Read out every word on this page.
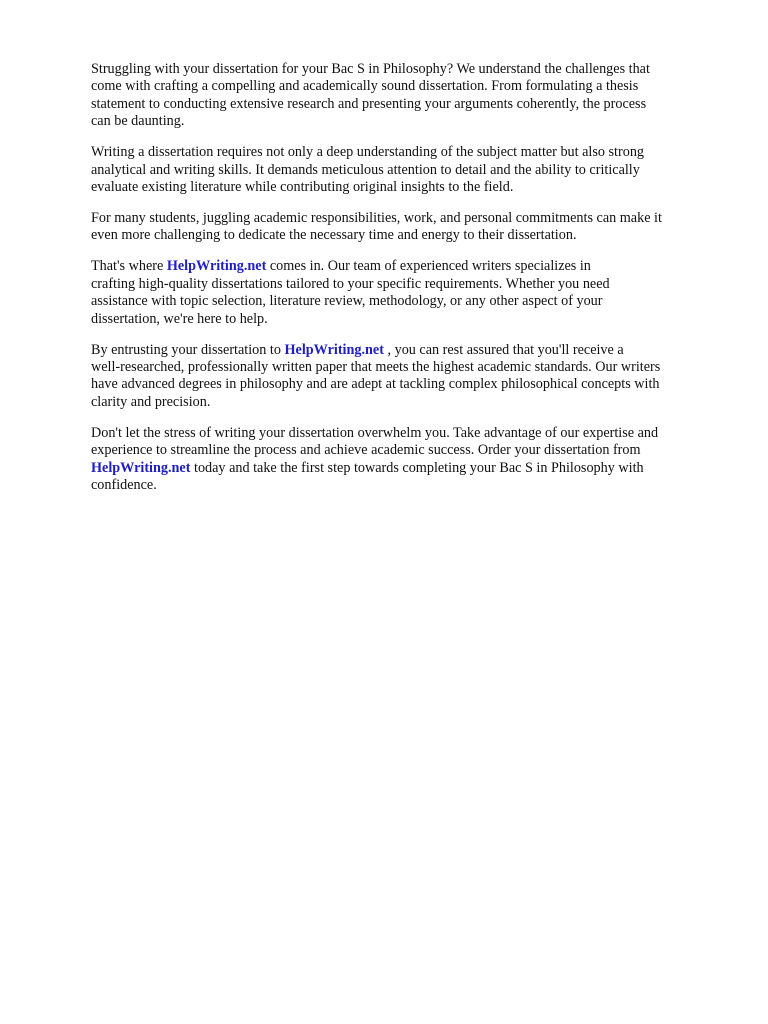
Struggling with your dissertation for your Bac S in Philosophy? We understand the challenges that
come with crafting a compelling and academically sound dissertation. From formulating a thesis
statement to conducting extensive research and presenting your arguments coherently, the process
can be daunting.

Writing a dissertation requires not only a deep understanding of the subject matter but also strong
analytical and writing skills. It demands meticulous attention to detail and the ability to critically
evaluate existing literature while contributing original insights to the field.

For many students, juggling academic responsibilities, work, and personal commitments can make it
even more challenging to dedicate the necessary time and energy to their dissertation.

That's where HelpWriting.net comes in. Our team of experienced writers specializes in
crafting high-quality dissertations tailored to your specific requirements. Whether you need
assistance with topic selection, literature review, methodology, or any other aspect of your
dissertation, we're here to help.

By entrusting your dissertation to HelpWriting.net , you can rest assured that you'll receive a
well-researched, professionally written paper that meets the highest academic standards. Our writers
have advanced degrees in philosophy and are adept at tackling complex philosophical concepts with
clarity and precision.

Don't let the stress of writing your dissertation overwhelm you. Take advantage of our expertise and
experience to streamline the process and achieve academic success. Order your dissertation from
HelpWriting.net today and take the first step towards completing your Bac S in Philosophy with
confidence.
